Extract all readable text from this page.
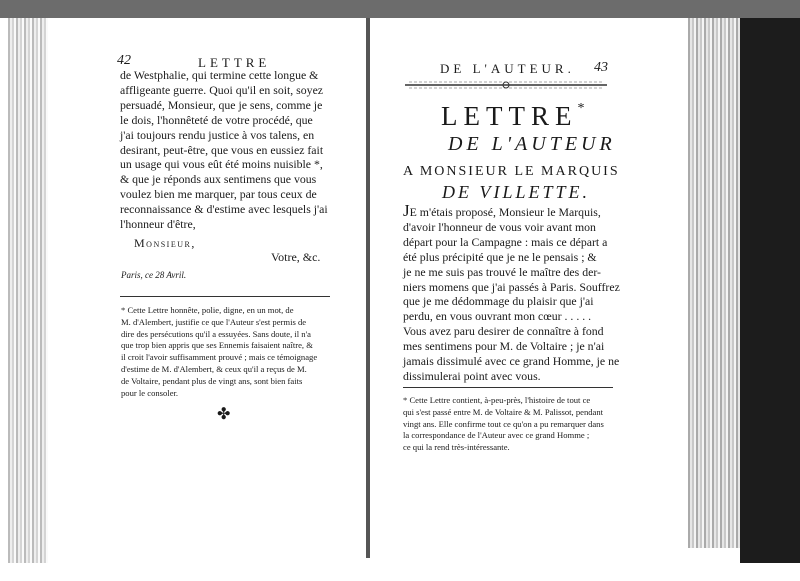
42	LETTRE
de Westphalie, qui termine cette longue &
affligeante guerre. Quoi qu'il en soit, soyez
persuadé, Monsieur, que je sens, comme je
le dois, l'honnêteté de votre procédé, que
j'ai toujours rendu justice à vos talens, en
desirant, peut-être, que vous en eussiez fait
un usage qui vous eût été moins nuisible *,
& que je réponds aux sentimens que vous
voulez bien me marquer, par tous ceux de
reconnaissance & d'estime avec lesquels j'ai
l'honneur d'être,
Monsieur,
Votre, &c.
Paris, ce 28 Avril.
* Cette Lettre honnête, polie, digne, en un mot, de
M. d'Alembert, justifie ce que l'Auteur s'est permis de
dire des persécutions qu'il a essuyées. Sans doute, il n'a
que trop bien appris que ses Ennemis faisaient naître, &
il croit l'avoir suffisamment prouvé ; mais ce témoignage
d'estime de M. d'Alembert, & ceux qu'il a reçus de M.
de Voltaire, pendant plus de vingt ans, sont bien faits
pour le consoler.
✤
DE L'AUTEUR. 43
LETTRE*
DE L'AUTEUR
A MONSIEUR LE MARQUIS
DE VILLETTE.
JE m'étais proposé, Monsieur le Marquis,
d'avoir l'honneur de vous voir avant mon
départ pour la Campagne : mais ce départ a
été plus précipité que je ne le pensais ; &
je ne me suis pas trouvé le maître des der-
niers momens que j'ai passés à Paris. Souffrez
que je me dédommage du plaisir que j'ai
perdu, en vous ouvrant mon cœur . . . . .
Vous avez paru desirer de connaître à fond
mes sentimens pour M. de Voltaire ; je n'ai
jamais dissimulé avec ce grand Homme, je ne
dissimulerai point avec vous.
* Cette Lettre contient, à-peu-près, l'histoire de tout ce
qui s'est passé entre M. de Voltaire & M. Palissot, pendant
vingt ans. Elle confirme tout ce qu'on a pu remarquer dans
la correspondance de l'Auteur avec ce grand Homme ;
ce qui la rend très-intéressante.
